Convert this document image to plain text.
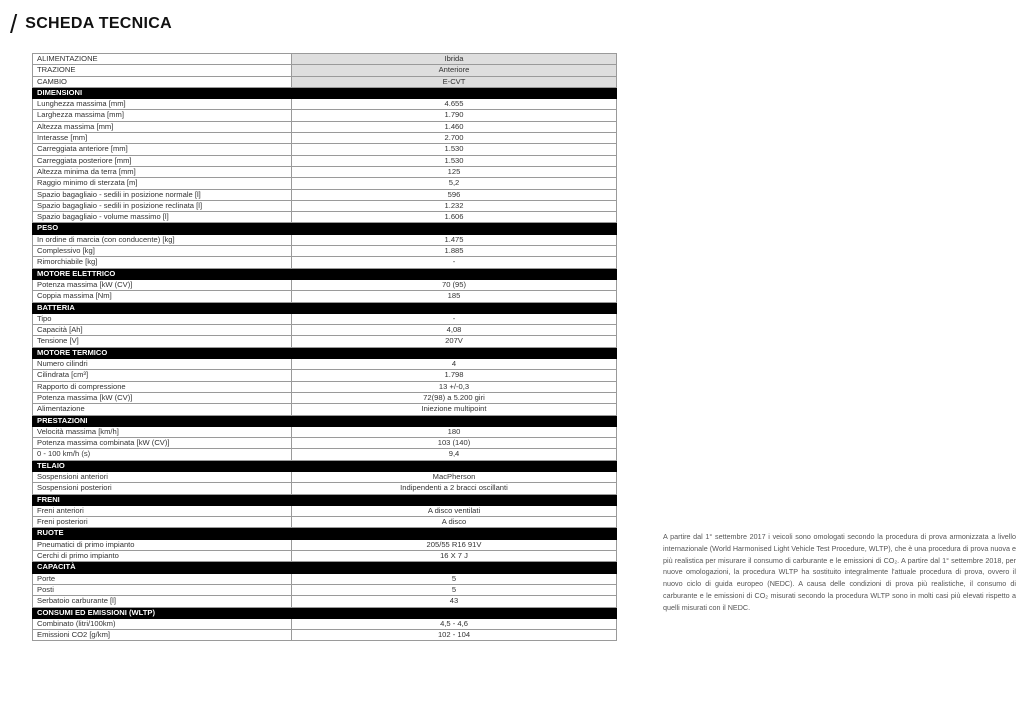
/ SCHEDA TECNICA
ALIMENTAZIONE	Ibrida
TRAZIONE	Anteriore
CAMBIO	E-CVT
DIMENSIONI	
Lunghezza massima [mm]	4.655
Larghezza massima [mm]	1.790
Altezza massima [mm]	1.460
Interasse [mm]	2.700
Carreggiata anteriore [mm]	1.530
Carreggiata posteriore [mm]	1.530
Altezza minima da terra [mm]	125
Raggio minimo di sterzata [m]	5,2
Spazio bagagliaio - sedili in posizione normale [l]	596
Spazio bagagliaio - sedili in posizione reclinata [l]	1.232
Spazio bagagliaio - volume massimo [l]	1.606
PESO	
In ordine di marcia (con conducente) [kg]	1.475
Complessivo [kg]	1.885
Rimorchiabile [kg]	-
MOTORE ELETTRICO	
Potenza massima [kW (CV)]	70 (95)
Coppia massima [Nm]	185
BATTERIA	
Tipo	-
Capacità [Ah]	4,08
Tensione [V]	207V
MOTORE TERMICO	
Numero cilindri	4
Cilindrata [cm³]	1.798
Rapporto di compressione	13 +/-0,3
Potenza massima [kW (CV)]	72(98) a 5.200 giri
Alimentazione	Iniezione multipoint
PRESTAZIONI	
Velocità massima [km/h]	180
Potenza massima combinata [kW (CV)]	103 (140)
0 - 100 km/h (s)	9,4
TELAIO	
Sospensioni anteriori	MacPherson
Sospensioni posteriori	Indipendenti a 2 bracci oscillanti
FRENI	
Freni anteriori	A disco ventilati
Freni posteriori	A disco
RUOTE	
Pneumatici di primo impianto	205/55 R16 91V
Cerchi di primo impianto	16 X 7 J
CAPACITÀ	
Porte	5
Posti	5
Serbatoio carburante [l]	43
CONSUMI ED EMISSIONI (WLTP)	
Combinato (litri/100km)	4,5 - 4,6
Emissioni CO2 [g/km]	102 - 104
A partire dal 1° settembre 2017 i veicoli sono omologati secondo la procedura di prova armonizzata a livello internazionale (World Harmonised Light Vehicle Test Procedure, WLTP), che è una procedura di prova nuova e più realistica per misurare il consumo di carburante e le emissioni di CO₂. A partire dal 1° settembre 2018, per nuove omologazioni, la procedura WLTP ha sostituito integralmente l'attuale procedura di prova, ovvero il nuovo ciclo di guida europeo (NEDC). A causa delle condizioni di prova più realistiche, il consumo di carburante e le emissioni di CO₂ misurati secondo la procedura WLTP sono in molti casi più elevati rispetto a quelli misurati con il NEDC.
